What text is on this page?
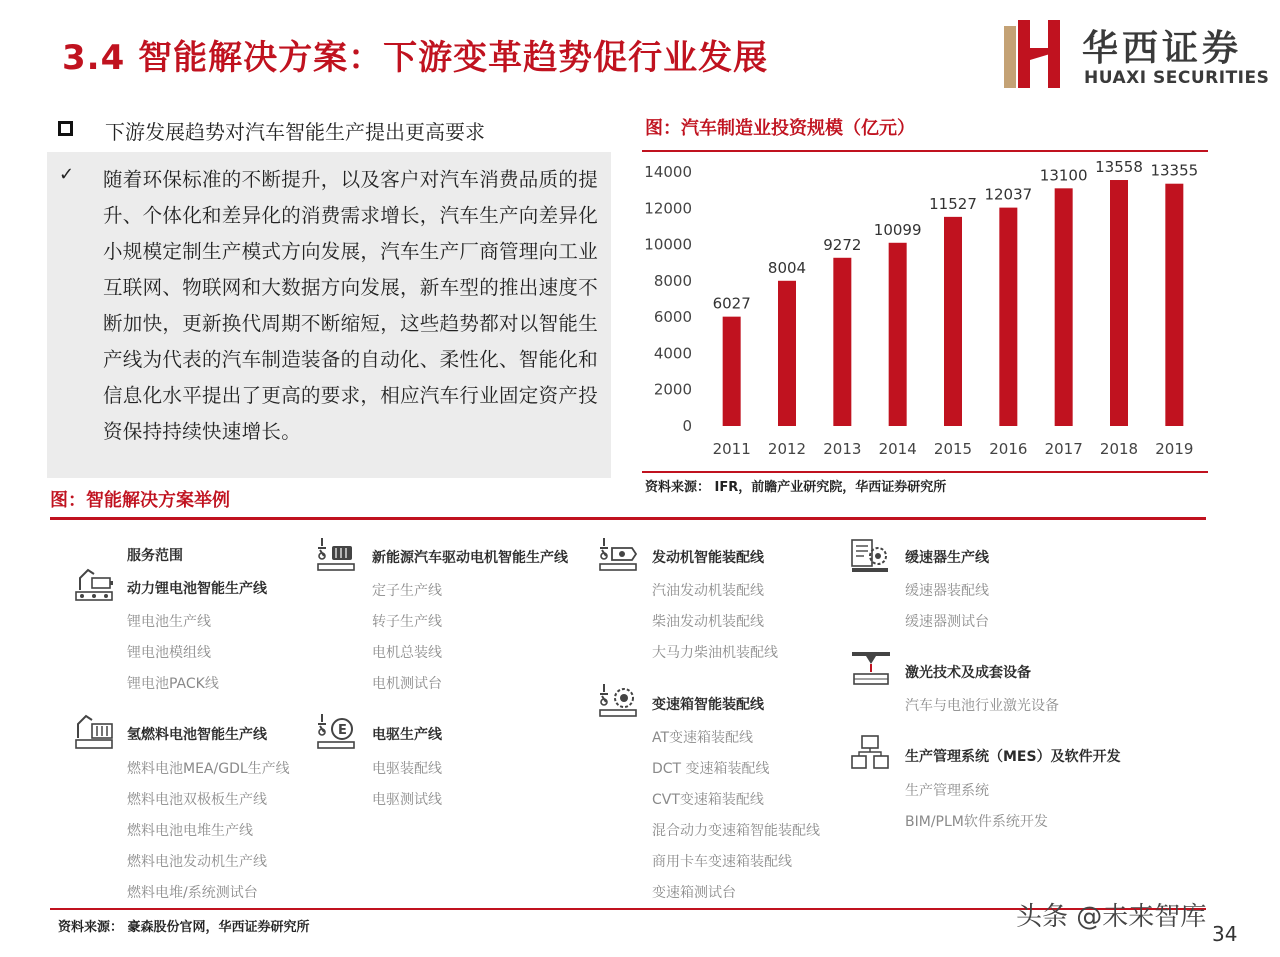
3.4 智能解决方案：下游变革趋势促行业发展	华西证券
HUAXI SECURITIES
下游发展趋势对汽车智能生产提出更高要求
✓ 随着环保标准的不断提升，以及客户对汽车消费品质的提升、个体化和差异化的消费需求增长，汽车生产向差异化小规模定制生产模式方向发展，汽车生产厂商管理向工业互联网、物联网和大数据方向发展，新车型的推出速度不断加快，更新换代周期不断缩短，这些趋势都对以智能生产线为代表的汽车制造装备的自动化、柔性化、智能化和信息化水平提出了更高的要求，相应汽车行业固定资产投资保持持续快速增长。
图：汽车制造业投资规模（亿元）
0
2000
4000
6000
8000
10000
12000
14000
6027
2011
8004
2012
9272
2013
10099
2014
11527
2015
12037
2016
13100
2017
13558
2018
13355
2019
资料来源： IFR，前瞻产业研究院，华西证券研究所
图：智能解决方案举例
服务范围
动力锂电池智能生产线
锂电池生产线
锂电池模组线
锂电池PACK线
氢燃料电池智能生产线
燃料电池MEA/GDL生产线
燃料电池双极板生产线
燃料电池电堆生产线
燃料电池发动机生产线
燃料电堆/系统测试台
新能源汽车驱动电机智能生产线
定子生产线
转子生产线
电机总装线
电机测试台
E 电驱生产线
电驱装配线
电驱测试线
发动机智能装配线
汽油发动机装配线
柴油发动机装配线
大马力柴油机装配线
变速箱智能装配线
AT变速箱装配线
DCT 变速箱装配线
CVT变速箱装配线
混合动力变速箱智能装配线
商用卡车变速箱装配线
变速箱测试台
缓速器生产线
缓速器装配线
缓速器测试台
激光技术及成套设备
汽车与电池行业激光设备
生产管理系统（MES）及软件开发
生产管理系统
BIM/PLM软件系统开发
资料来源： 豪森股份官网，华西证券研究所	头条 @未来智库
34
